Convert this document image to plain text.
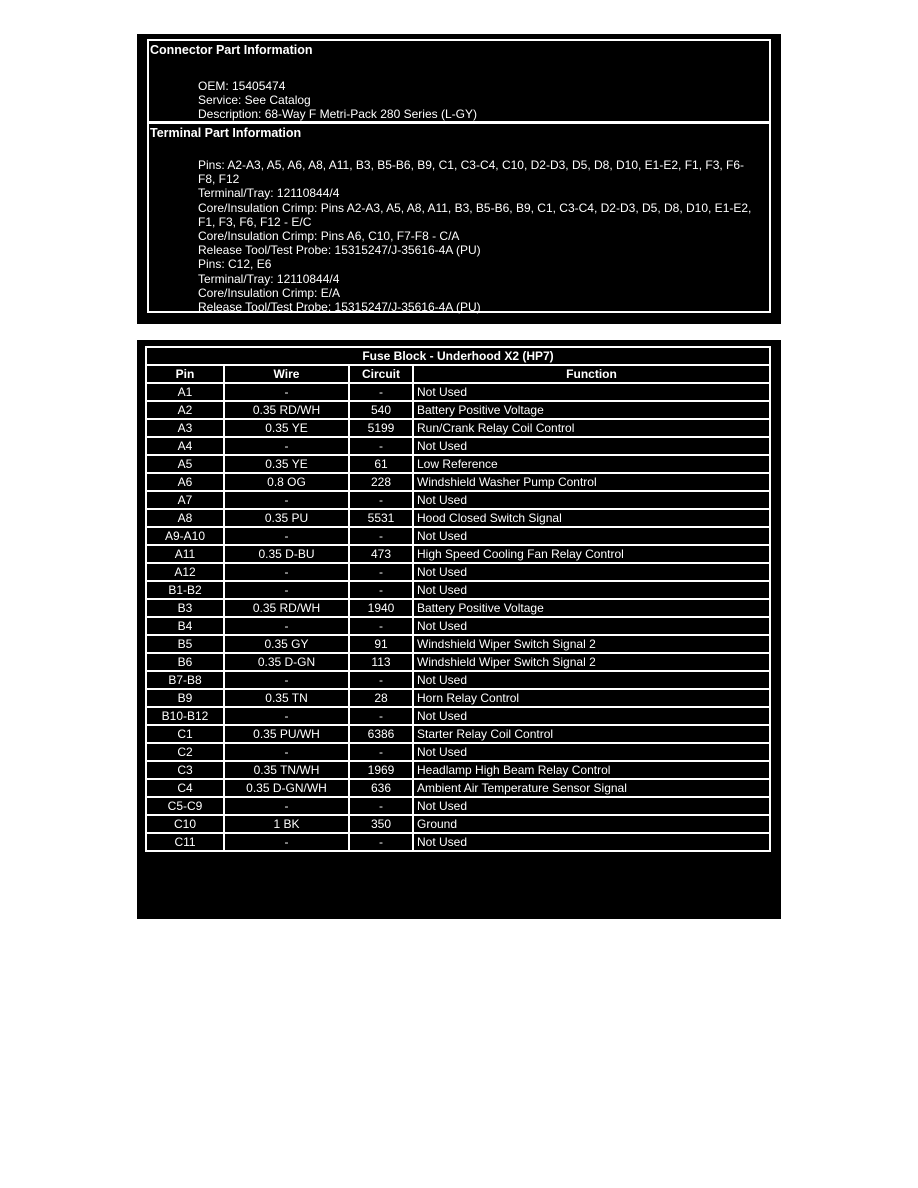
Connector Part Information
OEM: 15405474
Service: See Catalog
Description: 68-Way F Metri-Pack 280 Series (L-GY)
Terminal Part Information
Pins: A2-A3, A5, A6, A8, A11, B3, B5-B6, B9, C1, C3-C4, C10, D2-D3, D5, D8, D10, E1-E2, F1, F3, F6-F8, F12
Terminal/Tray: 12110844/4
Core/Insulation Crimp: Pins A2-A3, A5, A8, A11, B3, B5-B6, B9, C1, C3-C4, D2-D3, D5, D8, D10, E1-E2, F1, F3, F6, F12 - E/C
Core/Insulation Crimp: Pins A6, C10, F7-F8 - C/A
Release Tool/Test Probe: 15315247/J-35616-4A (PU)
Pins: C12, E6
Terminal/Tray: 12110844/4
Core/Insulation Crimp: E/A
Release Tool/Test Probe: 15315247/J-35616-4A (PU)
Fuse Block - Underhood X2 (HP7)			
Pin	Wire	Circuit	Function
A1	-	-	Not Used
A2	0.35 RD/WH	540	Battery Positive Voltage
A3	0.35 YE	5199	Run/Crank Relay Coil Control
A4	-	-	Not Used
A5	0.35 YE	61	Low Reference
A6	0.8 OG	228	Windshield Washer Pump Control
A7	-	-	Not Used
A8	0.35 PU	5531	Hood Closed Switch Signal
A9-A10	-	-	Not Used
A11	0.35 D-BU	473	High Speed Cooling Fan Relay Control
A12	-	-	Not Used
B1-B2	-	-	Not Used
B3	0.35 RD/WH	1940	Battery Positive Voltage
B4	-	-	Not Used
B5	0.35 GY	91	Windshield Wiper Switch Signal 2
B6	0.35 D-GN	113	Windshield Wiper Switch Signal 2
B7-B8	-	-	Not Used
B9	0.35 TN	28	Horn Relay Control
B10-B12	-	-	Not Used
C1	0.35 PU/WH	6386	Starter Relay Coil Control
C2	-	-	Not Used
C3	0.35 TN/WH	1969	Headlamp High Beam Relay Control
C4	0.35 D-GN/WH	636	Ambient Air Temperature Sensor Signal
C5-C9	-	-	Not Used
C10	1 BK	350	Ground
C11	-	-	Not Used
